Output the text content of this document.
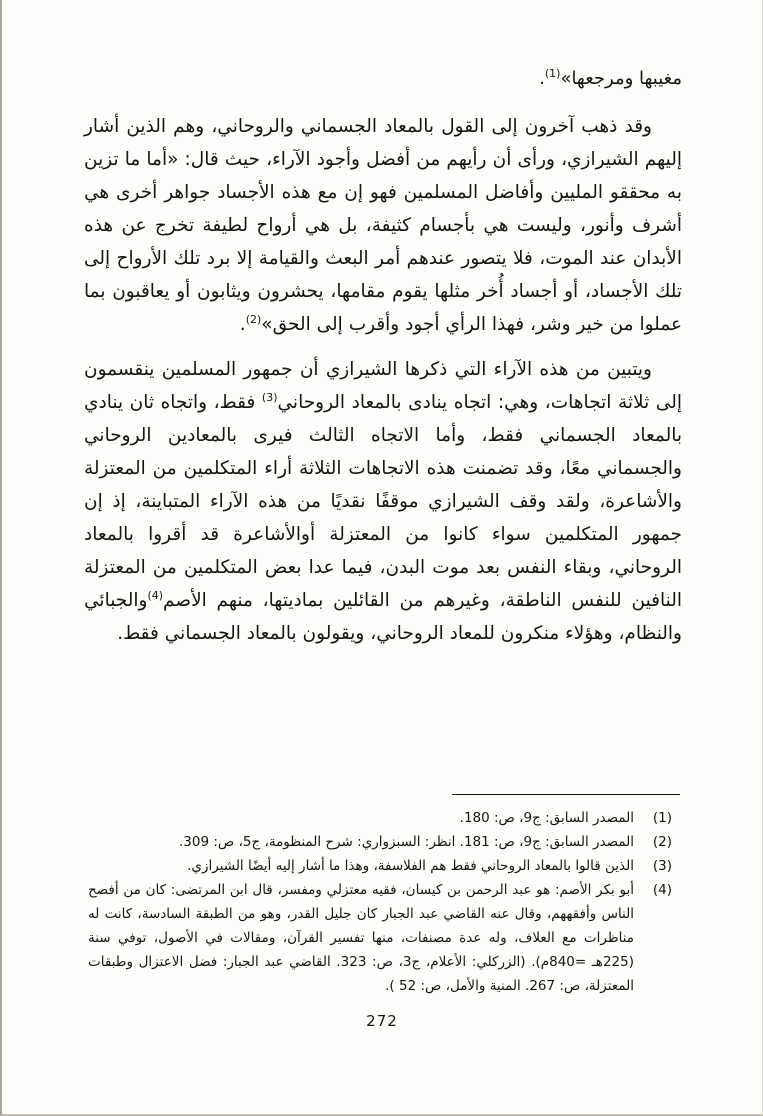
مغيبها ومرجعها»$^{(1)}$.

وقد ذهب آخرون إلى القول بالمعاد الجسماني والروحاني، وهم الذين أشار إليهم الشيرازي، ورأى أن رأيهم من أفضل وأجود الآراء، حيث قال: «أما ما تزين به محققو المليين وأفاضل المسلمين فهو إن مع هذه الأجساد جواهر أخرى هي أشرف وأنور، وليست هي بأجسام كثيفة، بل هي أرواح لطيفة تخرج عن هذه الأبدان عند الموت، فلا يتصور عندهم أمر البعث والقيامة إلا برد تلك الأرواح إلى تلك الأجساد، أو أجساد أُخر مثلها يقوم مقامها، يحشرون ويثابون أو يعاقبون بما عملوا من خير وشر، فهذا الرأي أجود وأقرب إلى الحق»$^{(2)}$.

ويتبين من هذه الآراء التي ذكرها الشيرازي أن جمهور المسلمين ينقسمون إلى ثلاثة اتجاهات، وهي: اتجاه ينادى بالمعاد الروحاني$^{(3)}$ فقط، واتجاه ثان ينادي بالمعاد الجسماني فقط، وأما الاتجاه الثالث فيرى بالمعادين الروحاني والجسماني معًا، وقد تضمنت هذه الاتجاهات الثلاثة أراء المتكلمين من المعتزلة والأشاعرة، ولقد وقف الشيرازي موقفًا نقديًا من هذه الآراء المتباينة، إذ إن جمهور المتكلمين سواء كانوا من المعتزلة أوالأشاعرة قد أقروا بالمعاد الروحاني، وبقاء النفس بعد موت البدن، فيما عدا بعض المتكلمين من المعتزلة النافين للنفس الناطقة، وغيرهم من القائلين بماديتها، منهم الأصم$^{(4)}$والجبائي والنظام، وهؤلاء منكرون للمعاد الروحاني، ويقولون بالمعاد الجسماني فقط.

(1)
المصدر السابق: ج9، ص: 180.
(2)
المصدر السابق: ج9، ص: 181. انظر: السبزواري: شرح المنظومة، ج5، ص: 309.
(3)
الذين قالوا بالمعاد الروحاني فقط هم الفلاسفة، وهذا ما أشار إليه أيضًا الشيرازي.
(4)
أبو بكر الأصم: هو عبد الرحمن بن كيسان، فقيه معتزلي ومفسر، قال ابن المرتضى: كان من أفصح الناس وأفقههم، وقال عنه القاضي عبد الجبار كان جليل القدر، وهو من الطبقة السادسة، كانت له مناظرات مع العلاف، وله عدة مصنفات، منها تفسير القرآن، ومقالات في الأصول، توفي سنة (225هـ =840م). (الزركلي: الأعلام، ج3، ص: 323. القاضي عبد الجبار: فضل الاعتزال وطبقات المعتزلة، ص: 267. المنية والأمل، ص: 52 ).
272
